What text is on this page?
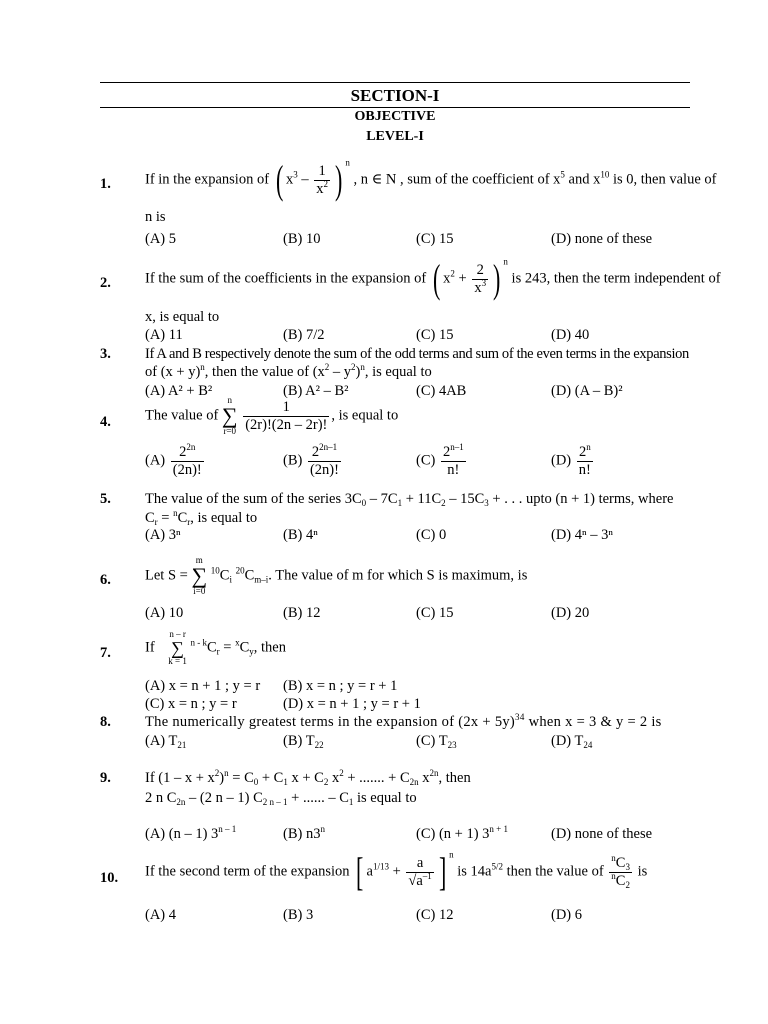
SECTION-I
OBJECTIVE
LEVEL-I
1. If in the expansion of ( $x^3 - \frac{1}{x^2}$ ) $^n$ , n ∈ N , sum of the coefficient of $x^5$ and $x^{10}$ is 0, then value of
n is
(A) 5	(B) 10	(C) 15	(D) none of these
2. If the sum of the coefficients in the expansion of ( $x^2 + \frac{2}{x^3}$ ) $^n$ is 243, then the term independent of
x, is equal to
(A) 11	(B) 7/2	(C) 15	(D) 40
3. If A and B respectively denote the sum of the odd terms and sum of the even terms in the expansion
of $(x + y)^n$, then the value of $(x^2 - y^2)^n$, is equal to
(A) A² + B²	(B) A² – B²	(C) 4AB	(D) (A – B)²
4. The value of
n
∑
r=0
$\frac{1}{(2r)!(2n - 2r)!}$ , is equal to
$(A) \frac{2^{2n}}{(2n)!}$	$(B) \frac{2^{2n-1}}{(2n)!}$	$(C) \frac{2^{n-1}}{n!}$	$(D) \frac{2^n}{n!}$
5. The value of the sum of the series $3C_0 - 7C_1 + 11C_2 - 15C_3$ + . . . upto (n + 1) terms, where
$C_r = ^nC_r$, is equal to
(A) 3ⁿ	(B) 4ⁿ	(C) 0	(D) 4ⁿ – 3ⁿ
6. Let S =
m
∑
i=0
$^{10}C_i$ $^{20}C_{m-i}$. The value of m for which S is maximum, is
(A) 10	(B) 12	(C) 15	(D) 20
7. If
n – r
∑
k = 1
$^{n - k}C_r = ^xC_y$, then
(A) x = n + 1 ; y = r (B) x = n ; y = r + 1
(C) x = n ; y = r	(D) x = n + 1 ; y = r + 1
8. The numerically greatest terms in the expansion of $(2x + 5y)^{34}$ when x = 3 & y = 2 is
(A) $T_{21}$	(B) $T_{22}$	(C) $T_{23}$	(D) $T_{24}$
9. If $(1 - x + x^2)^n = C_0 + C_1$ $x + C_2$ $x^2$ + ....... + $C_{2n}$ $x^{2n}$, then
2 n $C_{2n} - (2$ n – 1) $C_{2 n - 1}$ + ...... – $C_1$ is equal to
(A) (n – 1) 3$^{n - 1}$	(B) n3$^n$	(C) (n + 1) $3^{n + 1}$	(D) none of these
10. If the second term of the expansion [ $a^{1/13} + \frac{a}{√a^{-1}}$ ] $^n$ is $14a^{5/2}$ then the value of $\frac{^nC_3}{^nC_2}$ is
(A) 4	(B) 3	(C) 12	(D) 6
